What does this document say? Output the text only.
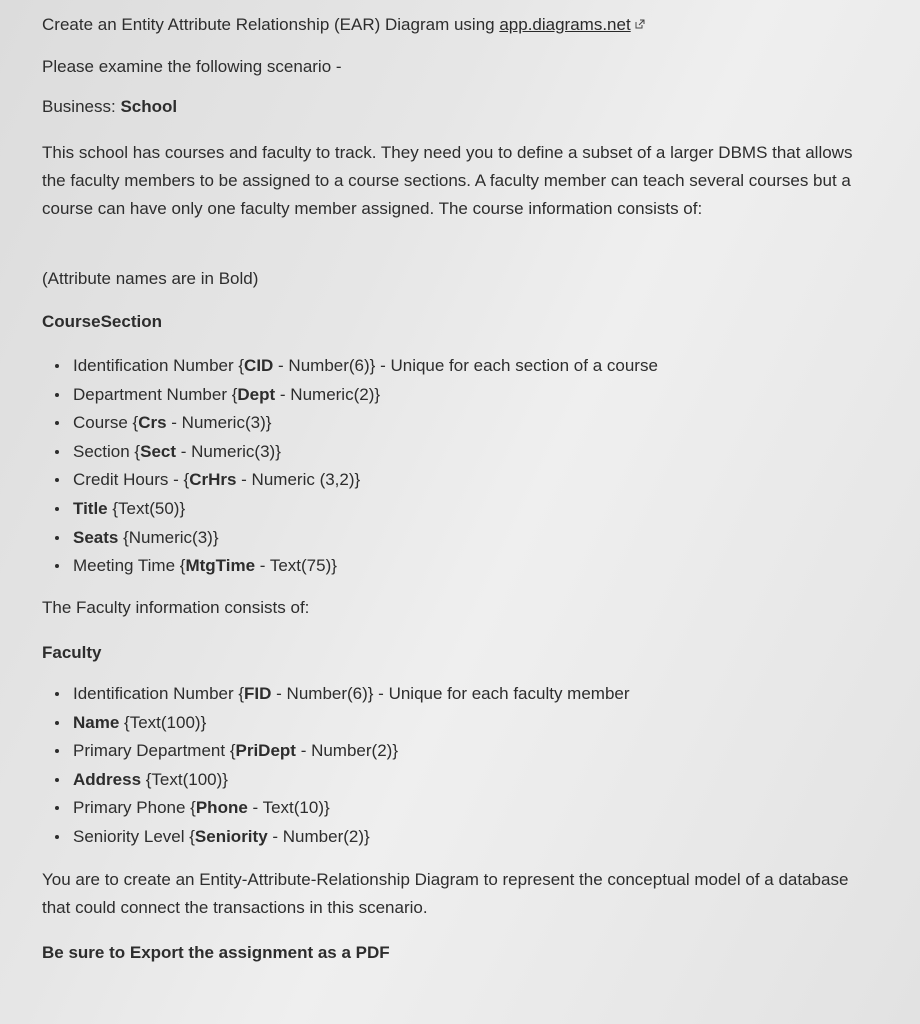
Create an Entity Attribute Relationship (EAR) Diagram using app.diagrams.net
Please examine the following scenario -
Business: School
This school has courses and faculty to track. They need you to define a subset of a larger DBMS that allows the faculty members to be assigned to a course sections. A faculty member can teach several courses but a course can have only one faculty member assigned. The course information consists of:
(Attribute names are in Bold)
CourseSection
Identification Number {CID - Number(6)} - Unique for each section of a course
Department Number {Dept - Numeric(2)}
Course {Crs - Numeric(3)}
Section {Sect - Numeric(3)}
Credit Hours - {CrHrs - Numeric (3,2)}
Title {Text(50)}
Seats {Numeric(3)}
Meeting Time {MtgTime - Text(75)}
The Faculty information consists of:
Faculty
Identification Number {FID - Number(6)} - Unique for each faculty member
Name {Text(100)}
Primary Department {PriDept - Number(2)}
Address {Text(100)}
Primary Phone {Phone - Text(10)}
Seniority Level {Seniority - Number(2)}
You are to create an Entity-Attribute-Relationship Diagram to represent the conceptual model of a database that could connect the transactions in this scenario.
Be sure to Export the assignment as a PDF
